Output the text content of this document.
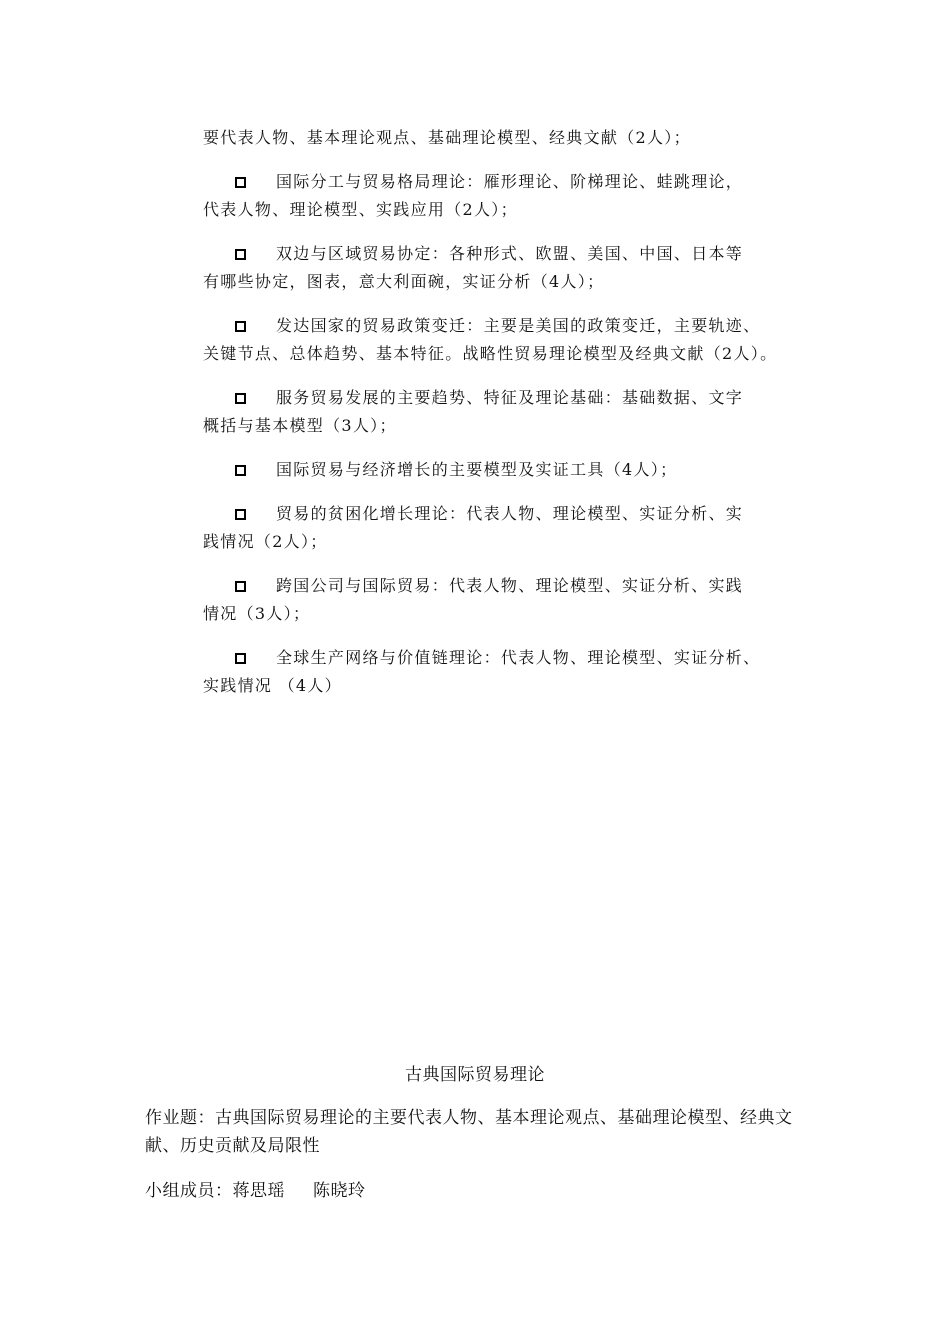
要代表人物、基本理论观点、基础理论模型、经典文献（2人）；
国际分工与贸易格局理论：雁形理论、阶梯理论、蛙跳理论，
代表人物、理论模型、实践应用（2人）；
双边与区域贸易协定：各种形式、欧盟、美国、中国、日本等
有哪些协定，图表，意大利面碗，实证分析（4人）；
发达国家的贸易政策变迁：主要是美国的政策变迁，主要轨迹、
关键节点、总体趋势、基本特征。战略性贸易理论模型及经典文献（2人）。
服务贸易发展的主要趋势、特征及理论基础：基础数据、文字
概括与基本模型（3人）；
国际贸易与经济增长的主要模型及实证工具（4人）；
贸易的贫困化增长理论：代表人物、理论模型、实证分析、实
践情况（2人）；
跨国公司与国际贸易：代表人物、理论模型、实证分析、实践
情况（3人）；
全球生产网络与价值链理论：代表人物、理论模型、实证分析、
实践情况 （4人）
古典国际贸易理论
作业题：古典国际贸易理论的主要代表人物、基本理论观点、基础理论模型、经典文献、历史贡献及局限性
小组成员：蒋思瑶 陈晓玲
